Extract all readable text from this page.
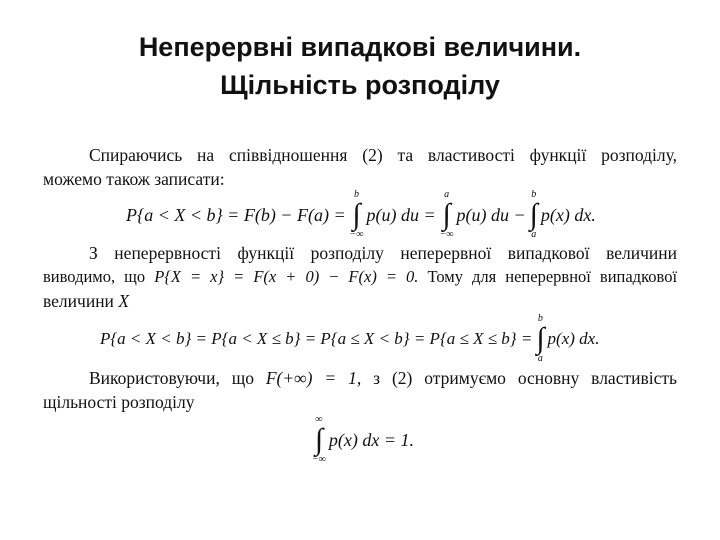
Неперервні випадкові величини.
Щільність розподілу

Спираючись на співвідношення (2) та властивості функції розподілу,

можемо також записати:

P{a < X < b} = F(b) − F(a) =
b
∫
−∞
p(u) du =
a
∫
−∞
p(u) du −
b
∫
a
p(x) dx.

З неперервності функції розподілу неперервної випадкової величини

виводимо, що P{X = x} = F(x + 0) − F(x) = 0. Тому для неперервної випадкової

величини X

P{a < X < b} = P{a < X ≤ b} = P{a ≤ X < b} = P{a ≤ X ≤ b} =
b
∫
a
p(x) dx.

Використовуючи, що F(+∞) = 1, з (2) отримуємо основну властивість

щільності розподілу

∞
∫
−∞
p(x) dx = 1.
